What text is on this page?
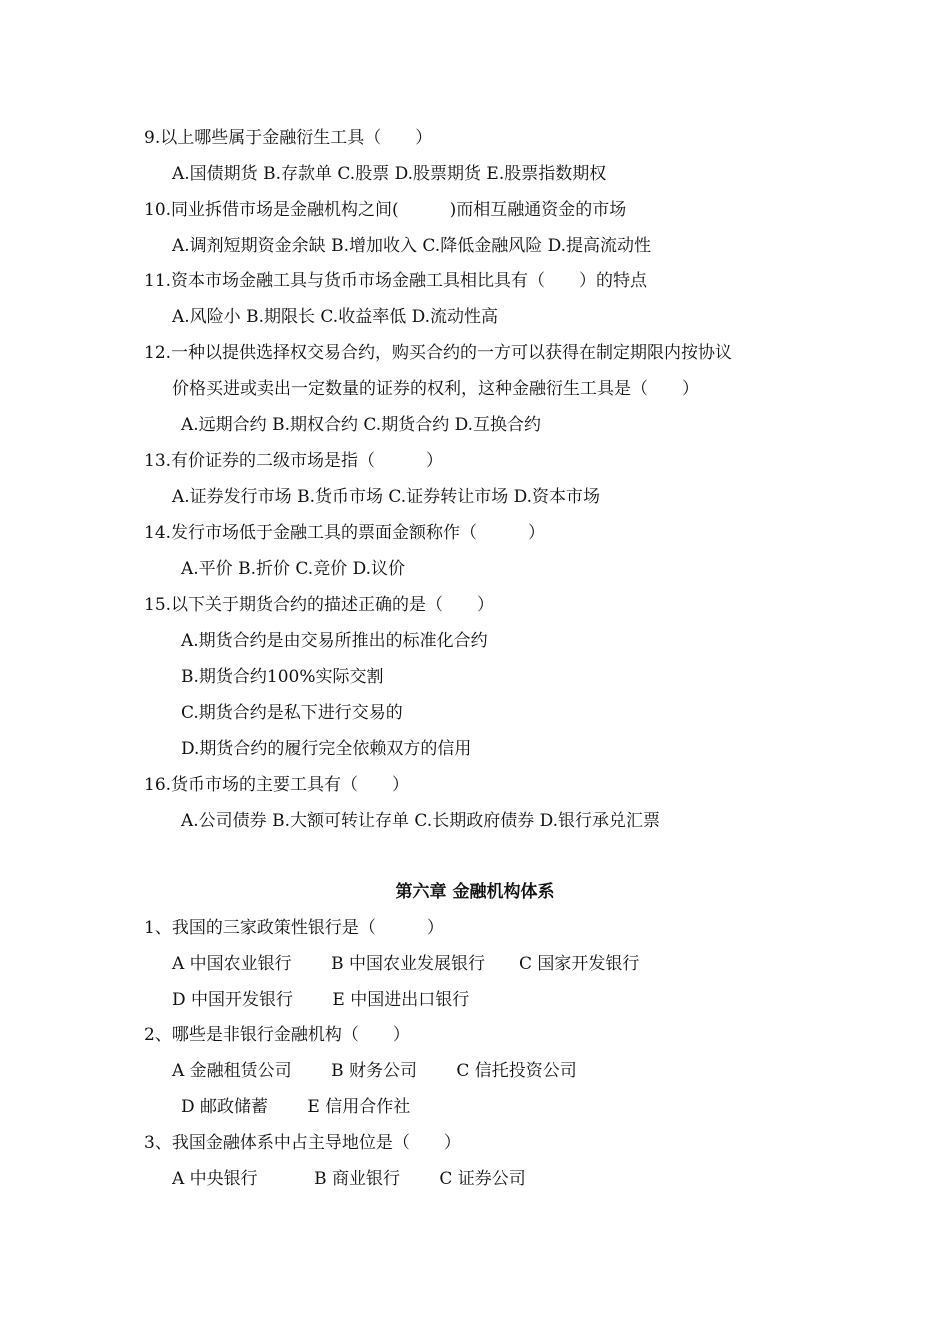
9.以上哪些属于金融衍生工具（　　）
A.国债期货 B.存款单 C.股票 D.股票期货 E.股票指数期权
10.同业拆借市场是金融机构之间(　　　)而相互融通资金的市场
A.调剂短期资金余缺 B.增加收入 C.降低金融风险 D.提高流动性
11.资本市场金融工具与货币市场金融工具相比具有（　　）的特点
A.风险小 B.期限长 C.收益率低 D.流动性高
12.一种以提供选择权交易合约，购买合约的一方可以获得在制定期限内按协议
价格买进或卖出一定数量的证券的权利，这种金融衍生工具是（　　）
A.远期合约 B.期权合约 C.期货合约 D.互换合约
13.有价证券的二级市场是指（　　　）
A.证券发行市场 B.货币市场 C.证券转让市场 D.资本市场
14.发行市场低于金融工具的票面金额称作（　　　）
A.平价 B.折价 C.竞价 D.议价
15.以下关于期货合约的描述正确的是（　　）
A.期货合约是由交易所推出的标准化合约
B.期货合约100%实际交割
C.期货合约是私下进行交易的
D.期货合约的履行完全依赖双方的信用
16.货币市场的主要工具有（　　）
A.公司债券 B.大额可转让存单 C.长期政府债券 D.银行承兑汇票
第六章 金融机构体系
1、我国的三家政策性银行是（　　　）
A 中国农业银行　　 B 中国农业发展银行　　C 国家开发银行
D 中国开发银行　　 E 中国进出口银行
2、哪些是非银行金融机构（　　）
A 金融租赁公司　　 B 财务公司　　 C 信托投资公司
D 邮政储蓄　　 E 信用合作社
3、我国金融体系中占主导地位是（　　）
A 中央银行　　　 B 商业银行　　 C 证券公司
